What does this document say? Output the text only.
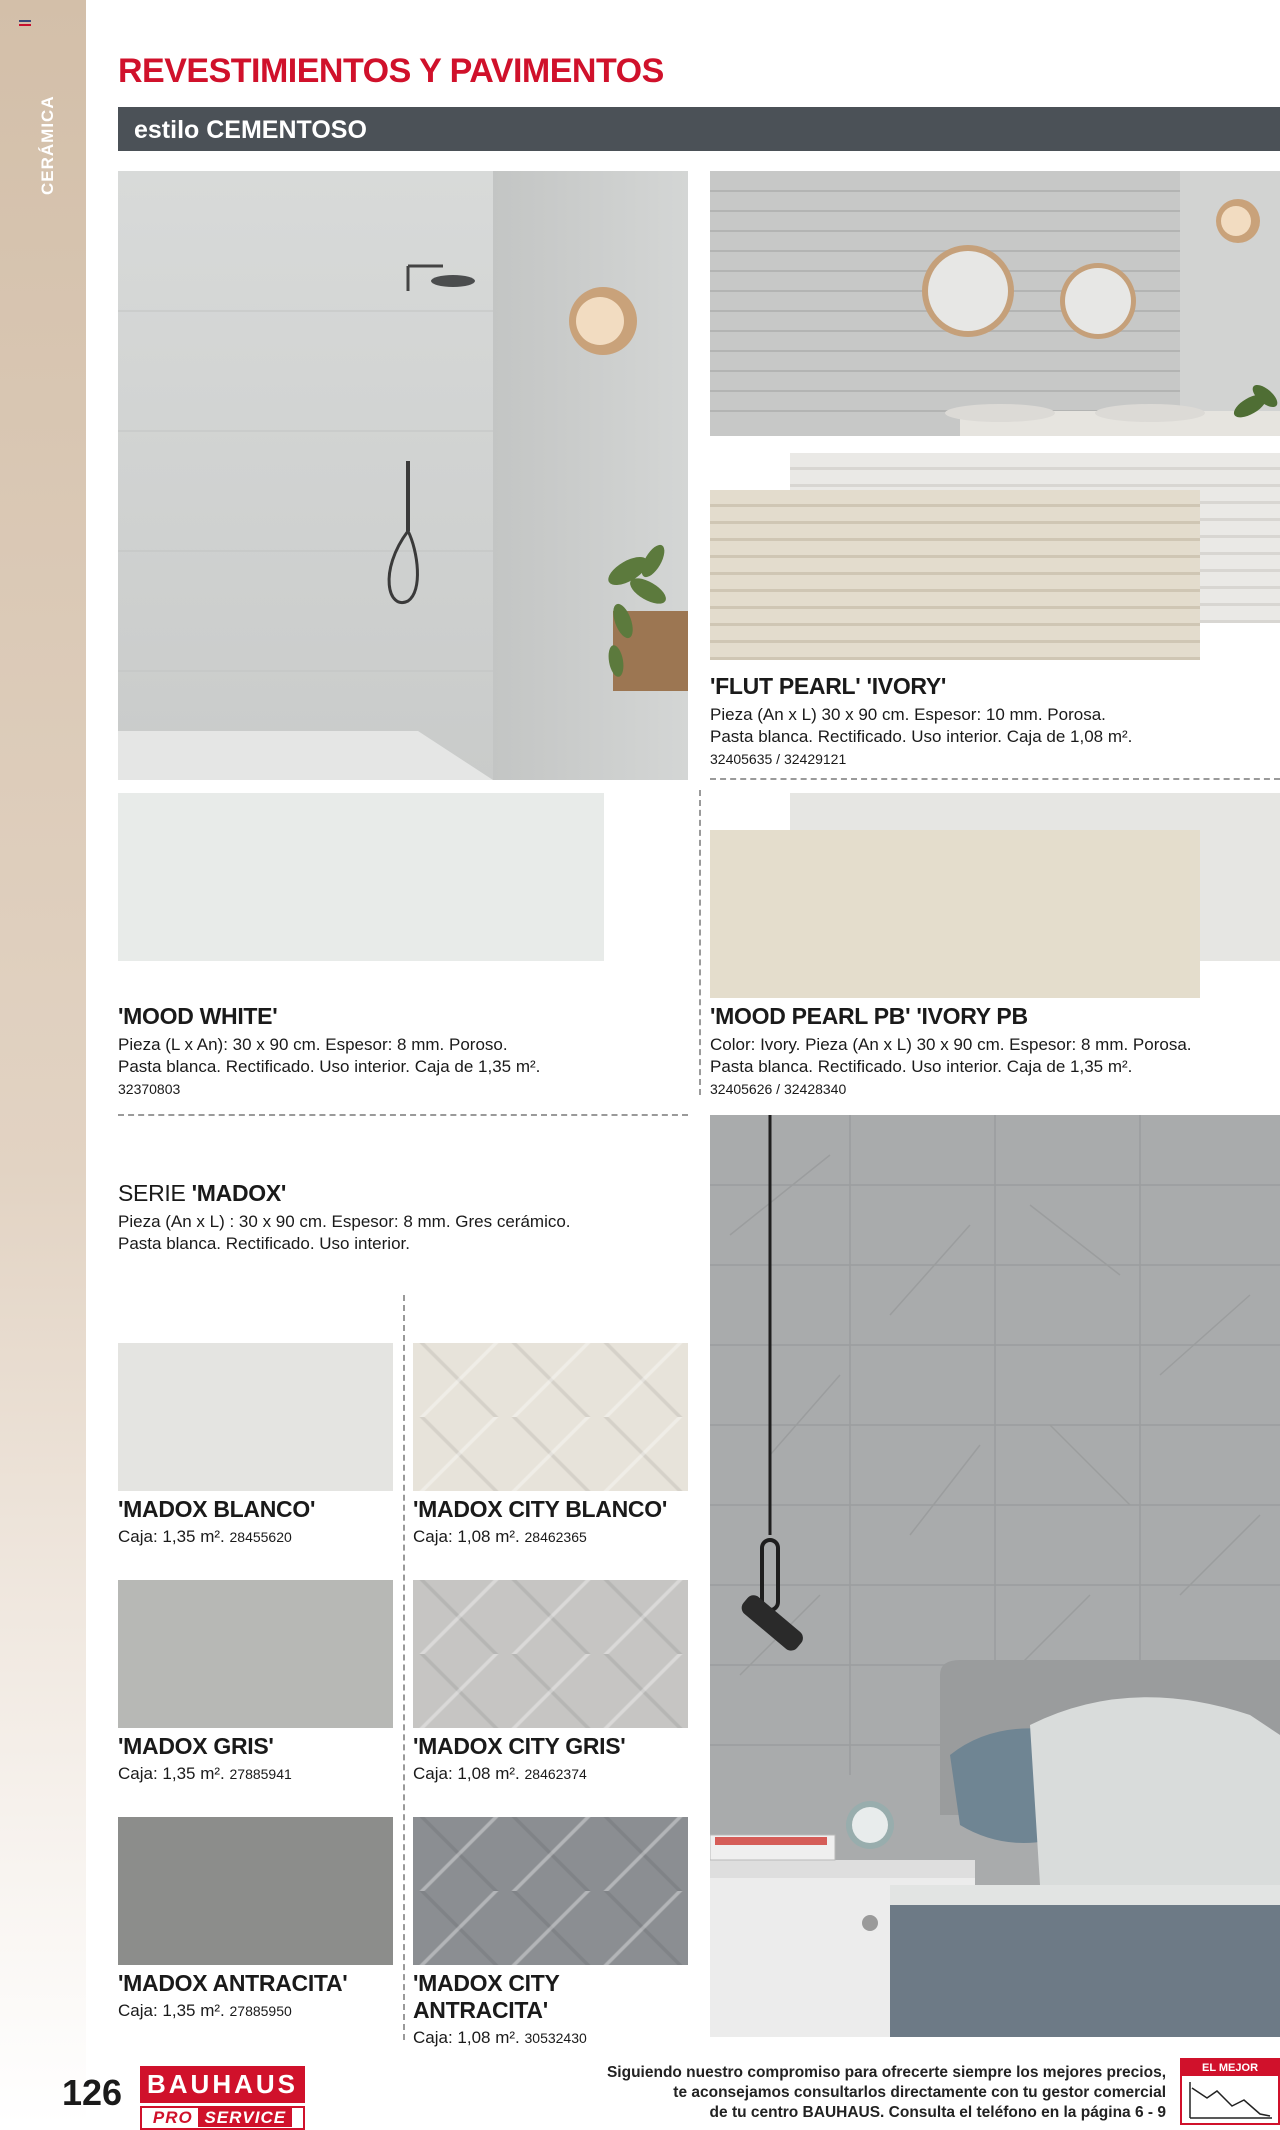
CERÁMICA
REVESTIMIENTOS Y PAVIMENTOS
estilo CEMENTOSO
'FLUT PEARL' 'IVORY'

Pieza (An x L) 30 x 90 cm. Espesor: 10 mm. Porosa.

Pasta blanca. Rectificado. Uso interior. Caja de 1,08 m².

32405635 / 32429121
'MOOD WHITE'

Pieza (L x An): 30 x 90 cm. Espesor: 8 mm. Poroso.

Pasta blanca. Rectificado. Uso interior. Caja de 1,35 m².

32370803
'MOOD PEARL PB' 'IVORY PB

Color: Ivory. Pieza (An x L) 30 x 90 cm. Espesor: 8 mm. Porosa.

Pasta blanca. Rectificado. Uso interior. Caja de 1,35 m².

32405626 / 32428340
SERIE 'MADOX'

Pieza (An x L) : 30 x 90 cm. Espesor: 8 mm. Gres cerámico.

Pasta blanca. Rectificado. Uso interior.

'MADOX BLANCO'
Caja: 1,35 m². 28455620
'MADOX CITY BLANCO'
Caja: 1,08 m². 28462365
'MADOX GRIS'
Caja: 1,35 m². 27885941
'MADOX CITY GRIS'
Caja: 1,08 m². 28462374
'MADOX ANTRACITA'
Caja: 1,35 m². 27885950
'MADOX CITY ANTRACITA'
Caja: 1,08 m². 30532430
126 BAUHAUS
PRO SERVICE
Siguiendo nuestro compromiso para ofrecerte siempre los mejores precios,
te aconsejamos consultarlos directamente con tu gestor comercial
de tu centro BAUHAUS. Consulta el teléfono en la página 6 - 9
EL MEJOR PRECIO
